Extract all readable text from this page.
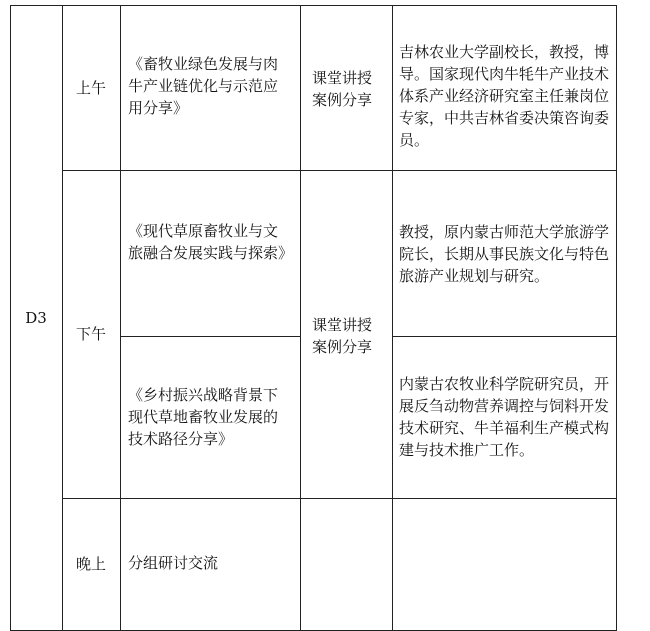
D3
上午
下午
晚上
《畜牧业绿色发展与肉牛产业链优化与示范应用分享》
《现代草原畜牧业与文旅融合发展实践与探索》
《乡村振兴战略背景下现代草地畜牧业发展的技术路径分享》
分组研讨交流
课堂讲授案例分享
课堂讲授案例分享
吉林农业大学副校长，教授，博导。国家现代肉牛牦牛产业技术体系产业经济研究室主任兼岗位专家，中共吉林省委决策咨询委员。
教授，原内蒙古师范大学旅游学院长，长期从事民族文化与特色旅游产业规划与研究。
内蒙古农牧业科学院研究员，开展反刍动物营养调控与饲料开发技术研究、牛羊福利生产模式构建与技术推广工作。
